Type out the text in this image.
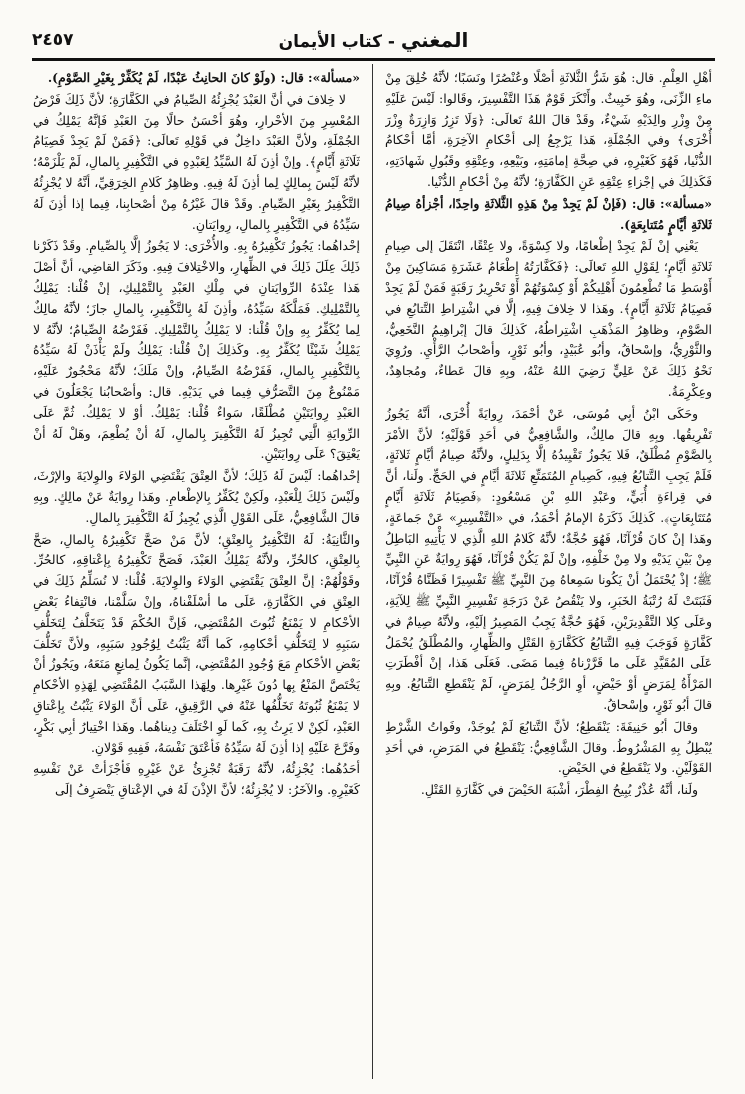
المغني - كتاب الأيمان
٢٤٥٧

أهْلِ العِلْمِ. قال: هُوَ شَرُّ الثَّلاثَةِ أصْلًا وعُنْصُرًا ونَسَبًا؛ لأنَّهُ خُلِقَ مِنْ ماءِ الزِّنَى، وهُوَ خَبِيثٌ. وأَنْكَرَ قَوْمٌ هَذَا التَّفْسِيرَ، وقَالوا: لَيْسَ عَلَيْهِ مِنْ وِزْرِ والِدَيْهِ شَيْءٌ، وقَدْ قالَ اللهُ تَعالَى: ﴿وَلَا تَزِرُ وَازِرَةٌ وِزْرَ أُخْرَى﴾ وفي الجُمْلَةِ، هَذا يَرْجِعُ إلى أحْكامِ الآخِرَةِ، أمَّا أحْكامُ الدُّنْيا، فَهُوَ كَغَيْرِهِ، في صِحَّةِ إمامَتِهِ، وبَيْعِهِ، وعِتْقِهِ وقَبُولِ شَهادَتِهِ، فَكَذلِكَ في إجْزاءِ عِتْقِهِ عَنِ الكَفَّارَةِ؛ لأنَّهُ مِنْ أحْكامِ الدُّنْيا.

«مسألة»: قال: (فَإنْ لَمْ يَجِدْ مِنْ هَذِهِ الثَّلاثَةِ واحِدًا، أجْزأهُ صِيامُ ثَلاثَةِ أيَّامٍ مُتَتابِعَةٍ).

يَعْنِي إنْ لَمْ يَجِدْ إطْعامًا، ولا كِسْوَةً، ولا عِتْقًا، انْتَقَلَ إلى صِيامِ ثَلاثَةِ أيَّامٍ؛ لِقَوْلِ اللهِ تَعالَى: ﴿فَكَفَّارَتُهُ إِطْعَامُ عَشَرَةِ مَسَاكِينَ مِنْ أَوْسَطِ مَا تُطْعِمُونَ أَهْلِيكُمْ أَوْ كِسْوَتُهُمْ أَوْ تَحْرِيرُ رَقَبَةٍ فَمَنْ لَمْ يَجِدْ فَصِيَامُ ثَلَاثَةِ أَيَّامٍ﴾. وهَذا لا خِلافَ فِيهِ، إلَّا في اشْتِراطِ التَّتابُعِ في الصَّوْمِ، وظاهِرُ المَذْهَبِ اشْتِراطُهُ، كَذلِكَ قالَ إبْراهِيمُ النَّخَعِيُّ، والثَّوْرِيُّ، وإسْحاقُ، وأبُو عُبَيْدٍ، وأبُو ثَوْرٍ، وأصْحابُ الرَّأْيِ. ورُوِيَ نَحْوُ ذَلِكَ عَنْ عَلِيٍّ رَضِيَ اللهُ عَنْهُ، وبِهِ قالَ عَطاءٌ، ومُجاهِدٌ، وعِكْرِمَةُ.

وحَكَى ابْنُ أبِي مُوسَى، عَنْ أحْمَدَ، رِوايَةً أُخْرَى، أنَّهُ يَجُوزُ تَفْرِيقُها. وبِهِ قالَ مالِكٌ، والشَّافِعِيُّ في أحَدِ قَوْلَيْهِ؛ لأنَّ الأمْرَ بِالصَّوْمِ مُطْلَقٌ، فَلا يَجُوزُ تَقْيِيدُهُ إلَّا بِدَلِيلٍ، ولأنَّهُ صِيامُ أيَّامٍ ثَلاثَةٍ، فَلَمْ يَجِبِ التَّتابُعُ فِيهِ، كَصِيامِ المُتَمَتِّعِ ثَلاثَةَ أيَّامٍ في الحَجِّ. ولَنا، أنَّ في قِراءَةِ أُبَيٍّ، وعَبْدِ اللهِ بْنِ مَسْعُودٍ: ﴿فَصِيَامُ ثَلَاثَةِ أَيَّامٍ مُتَتَابِعَاتٍ﴾. كَذلِكَ ذَكَرَهُ الإمامُ أحْمَدُ، في «التَّفْسِيرِ» عَنْ جَماعَةٍ، وهَذا إنْ كانَ قُرْآنًا، فَهُوَ حُجَّةٌ؛ لأنَّهُ كَلامُ اللهِ الَّذِي لا يَأْتِيهِ البَاطِلُ مِنْ بَيْنِ يَدَيْهِ ولا مِنْ خَلْفِهِ، وإنْ لَمْ يَكُنْ قُرْآنًا، فَهُوَ رِوايَةٌ عَنِ النَّبِيِّ ﷺ؛ إذْ يُحْتَمَلُ أنْ يَكُونا سَمِعاهُ مِنَ النَّبِيِّ ﷺ تَفْسِيرًا فَظَنَّاهُ قُرْآنًا، فَثَبَتَتْ لَهُ رُتْبَةُ الخَبَرِ، ولا يَنْقُصُ عَنْ دَرَجَةِ تَفْسِيرِ النَّبِيِّ ﷺ لِلآيَةِ، وعَلَى كِلا التَّقْدِيرَيْنِ، فَهُوَ حُجَّةٌ يَجِبُ المَصِيرُ إلَيْهِ، ولأنَّهُ صِيامٌ في كَفَّارَةٍ فَوَجَبَ فِيهِ التَّتابُعُ كَكَفَّارَةِ القَتْلِ والظِّهارِ، والمُطْلَقُ يُحْمَلُ عَلَى المُقَيَّدِ عَلَى ما قَرَّرْناهُ فِيما مَضَى. فَعَلَى هَذا، إنْ أفْطَرَتِ المَرْأَةُ لِمَرَضٍ أوْ حَيْضٍ، أوِ الرَّجُلُ لِمَرَضٍ، لَمْ يَنْقَطِعِ التَّتابُعُ. وبِهِ قالَ أبُو ثَوْرٍ، وإسْحاقُ.

وقالَ أبُو حَنِيفَةَ: يَنْقَطِعُ؛ لأنَّ التَّتابُعَ لَمْ يُوجَدْ، وفَواتُ الشَّرْطِ يُبْطِلُ بِهِ المَشْرُوطُ. وقالَ الشَّافِعِيُّ: يَنْقَطِعُ في المَرَضِ، في أحَدِ القَوْلَيْنِ. ولا يَنْقَطِعُ في الحَيْضِ.

ولَنا، أنَّهُ عُذْرٌ يُبِيحُ الفِطْرَ، أشْبَهَ الحَيْضَ في كَفَّارَةِ القَتْلِ.

«مسألة»: قال: (ولَوْ كانَ الحانِثُ عَبْدًا، لَمْ يُكَفِّرْ بِغَيْرِ الصَّوْمِ).

لا خِلافَ في أنَّ العَبْدَ يُجْزِئُهُ الصِّيامُ في الكَفَّارَةِ؛ لأنَّ ذَلِكَ فَرْضُ المُعْسِرِ مِنَ الأحْرارِ، وهُوَ أحْسَنُ حالًا مِنَ العَبْدِ فَإنَّهُ يَمْلِكُ في الجُمْلَةِ، ولأنَّ العَبْدَ داخِلٌ في قَوْلِهِ تَعالَى: ﴿فَمَنْ لَمْ يَجِدْ فَصِيَامُ ثَلَاثَةِ أَيَّامٍ﴾. وإنْ أذِنَ لَهُ السَّيِّدُ لِعَبْدِهِ في التَّكْفِيرِ بِالمالِ، لَمْ يَلْزَمْهُ؛ لأنَّهُ لَيْسَ بِمالِكٍ لِما أذِنَ لَهُ فِيهِ. وظاهِرُ كَلامِ الخِرَقِيِّ، أنَّهُ لا يُجْزِئُهُ التَّكْفِيرُ بِغَيْرِ الصِّيامِ. وقَدْ قالَ غَيْرُهُ مِنْ أصْحابِنا، فِيما إذا أذِنَ لَهُ سَيِّدُهُ في التَّكْفِيرِ بِالمالِ، رِوايَتانِ.

إحْداهُما: يَجُوزُ تَكْفِيرُهُ بِهِ. والأُخْرَى: لا يَجُوزُ إلَّا بِالصِّيامِ. وقَدْ ذَكَرْنا ذَلِكَ عِلَلَ ذَلِكَ في الظِّهارِ، والاخْتِلافَ فِيهِ. وذَكَرَ القاضِي، أنَّ أصْلَ هَذا عِنْدَهُ الرِّوايَتانِ في مِلْكِ العَبْدِ بِالتَّمْلِيكِ، إنْ قُلْنا: يَمْلِكُ بِالتَّمْلِيكِ. فَمَلَّكَهُ سَيِّدُهُ، وأذِنَ لَهُ بِالتَّكْفِيرِ، بِالمالِ جازَ؛ لأنَّهُ مالِكٌ لِما يُكَفِّرُ بِهِ وإنْ قُلْنا: لا يَمْلِكُ بِالتَّمْلِيكِ. فَفَرْضُهُ الصِّيامُ؛ لأنَّهُ لا يَمْلِكُ شَيْئًا يُكَفِّرُ بِهِ. وكَذلِكَ إنْ قُلْنا: يَمْلِكُ ولَمْ يَأْذَنْ لَهُ سَيِّدُهُ بِالتَّكْفِيرِ بِالمالِ، فَفَرْضُهُ الصِّيامُ، وإنْ مَلَكَ؛ لأنَّهُ مَحْجُورٌ عَلَيْهِ، مَمْنُوعٌ مِنَ التَّصَرُّفِ فِيما في يَدَيْهِ. قال: وأصْحابُنا يَجْعَلُونَ في العَبْدِ رِوايَتَيْنِ مُطْلَقًا، سَواءٌ قُلْنا: يَمْلِكُ. أوْ لا يَمْلِكُ. ثُمَّ عَلَى الرِّوايَةِ الَّتِي تُجِيزُ لَهُ التَّكْفِيرَ بِالمالِ، لَهُ أنْ يُطْعِمَ، وهَلْ لَهُ أنْ يَعْتِقَ؟ عَلَى رِوايَتَيْنِ.

إحْداهُما: لَيْسَ لَهُ ذَلِكَ؛ لأنَّ العِتْقَ يَقْتَضِي الوَلاءَ والوِلايَةَ والإرْثَ، ولَيْسَ ذَلِكَ لِلْعَبْدِ، ولَكِنْ يُكَفِّرُ بِالإطْعامِ. وهَذا رِوايَةٌ عَنْ مالِكٍ. وبِهِ قالَ الشَّافِعِيُّ، عَلَى القَوْلِ الَّذِي يُجِيزُ لَهُ التَّكْفِيرَ بِالمالِ.

والثَّانِيَةُ: لَهُ التَّكْفِيرُ بِالعِتْقِ؛ لأنَّ مَنْ صَحَّ تَكْفِيرُهُ بِالمالِ، صَحَّ بِالعِتْقِ، كالحُرِّ، ولأنَّهُ يَمْلِكُ العَبْدَ، فَصَحَّ تَكْفِيرُهُ بِإعْتاقِهِ، كالحُرِّ. وقَوْلُهُمْ: إنَّ العِتْقَ يَقْتَضِي الوَلاءَ والوِلايَةَ. قُلْنا: لا نُسَلِّمُ ذَلِكَ في العِتْقِ في الكَفَّارَةِ، عَلَى ما أسْلَفْناهُ، وإنْ سَلَّمْنا، فانْتِفاءُ بَعْضِ الأحْكامِ لا يَمْنَعُ ثُبُوتَ المُقْتَضِي، فَإنَّ الحُكْمَ قَدْ يَتَخَلَّفُ لِتَخَلُّفِ سَبَبِهِ لا لِتَخَلُّفِ أحْكامِهِ، كَما أنَّهُ يَثْبُتُ لِوُجُودِ سَبَبِهِ، ولأنَّ تَخَلُّفَ بَعْضِ الأحْكامِ مَعَ وُجُودِ المُقْتَضِي، إنَّما يَكُونُ لِمانِعٍ مَنَعَهُ، ويَجُوزُ أنْ يَخْتَصَّ المَنْعُ بِها دُونَ غَيْرِها. ولِهَذا السَّبَبُ المُقْتَضِي لِهَذِهِ الأحْكامِ لا يَمْنَعُ ثُبُوتَهُ تَخَلُّفُها عَنْهُ في الرَّقِيقِ، عَلَى أنَّ الوَلاءَ يَثْبُتُ بِإعْتاقِ العَبْدِ، لَكِنْ لا يَرِثُ بِهِ، كَما لَوِ اخْتَلَفَ دِيناهُما. وهَذا اخْتِيارُ أبِي بَكْرٍ، وفَرَّعَ عَلَيْهِ إذا أذِنَ لَهُ سَيِّدُهُ فَأعْتَقَ نَفْسَهُ، فَفِيهِ قَوْلانِ.

أحَدُهُما: يُجْزِئُهُ، لأنَّهُ رَقَبَةٌ تُجْزِئُ عَنْ غَيْرِهِ فَأجْزَأتْ عَنْ نَفْسِهِ كَغَيْرِهِ. والآخَرُ: لا يُجْزِئُهُ؛ لأنَّ الإذْنَ لَهُ في الإعْتاقِ يَنْصَرِفُ إلَى
